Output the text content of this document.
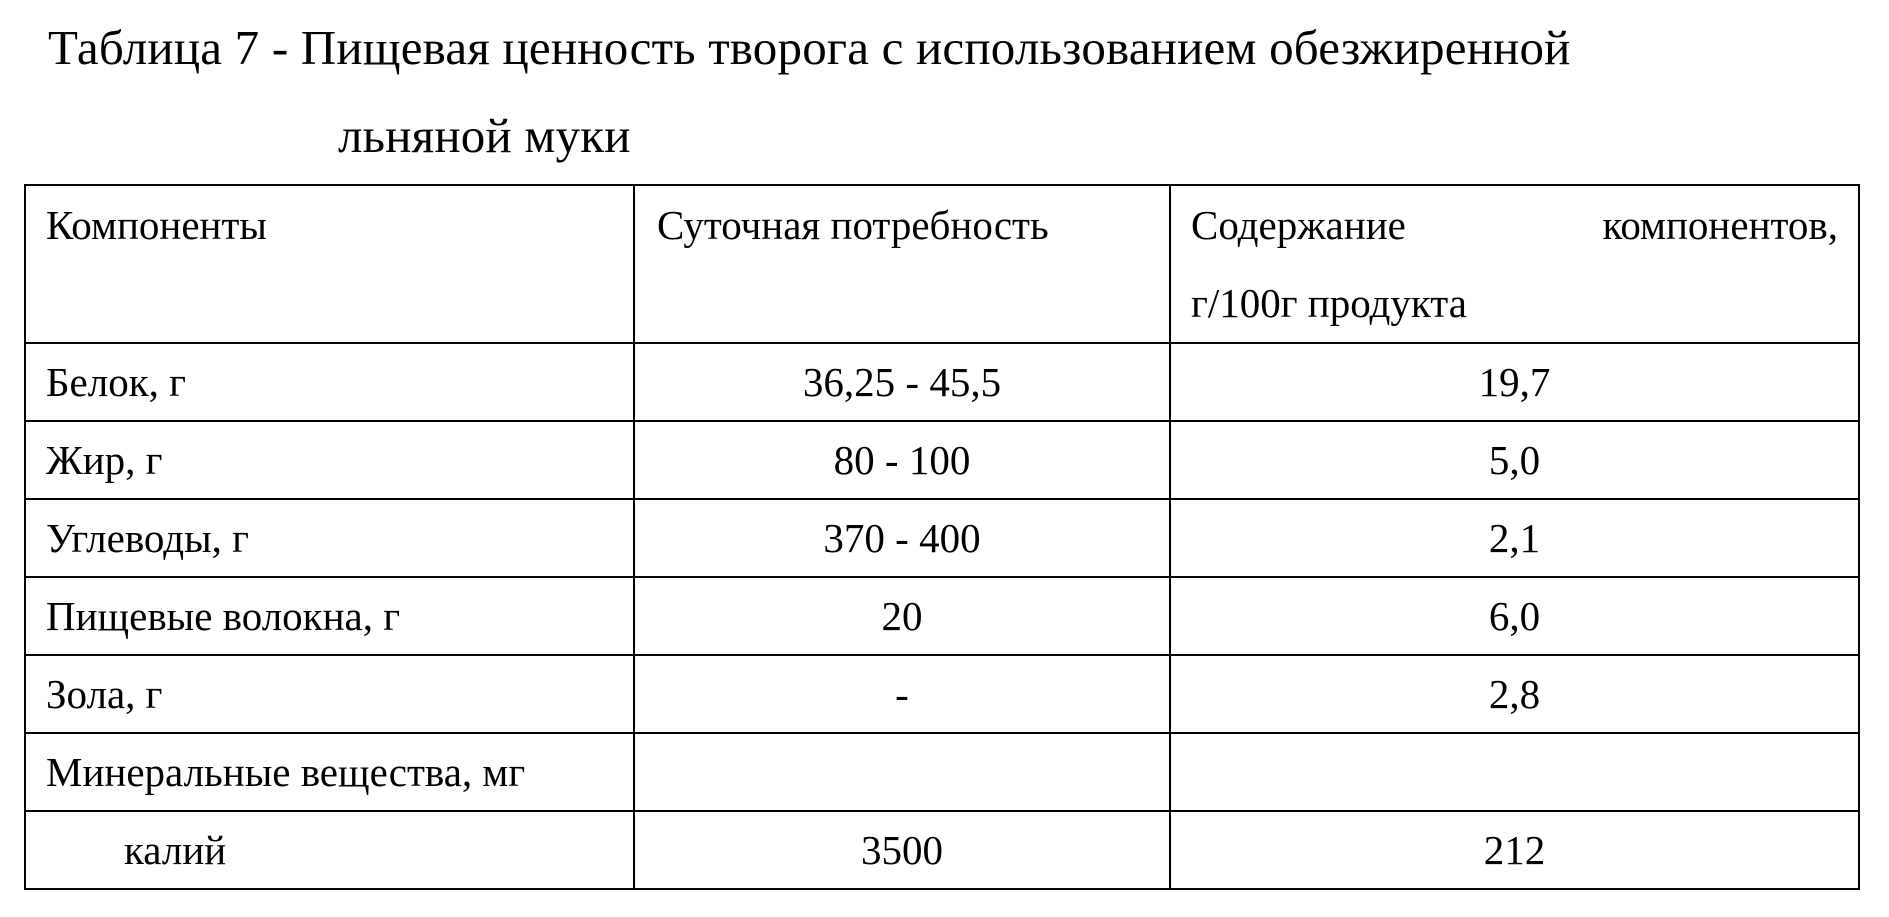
Таблица 7 - Пищевая ценность творога с использованием обезжиренной
льняной муки
Компоненты	Суточная потребность	Содержание компонентов,
г/100г продукта

Белок, г	36,25 - 45,5	19,7
Жир, г	80 - 100	5,0
Углеводы, г	370 - 400	2,1
Пищевые волокна, г	20	6,0
Зола, г	-	2,8
Минеральные вещества, мг		
калий	3500	212
